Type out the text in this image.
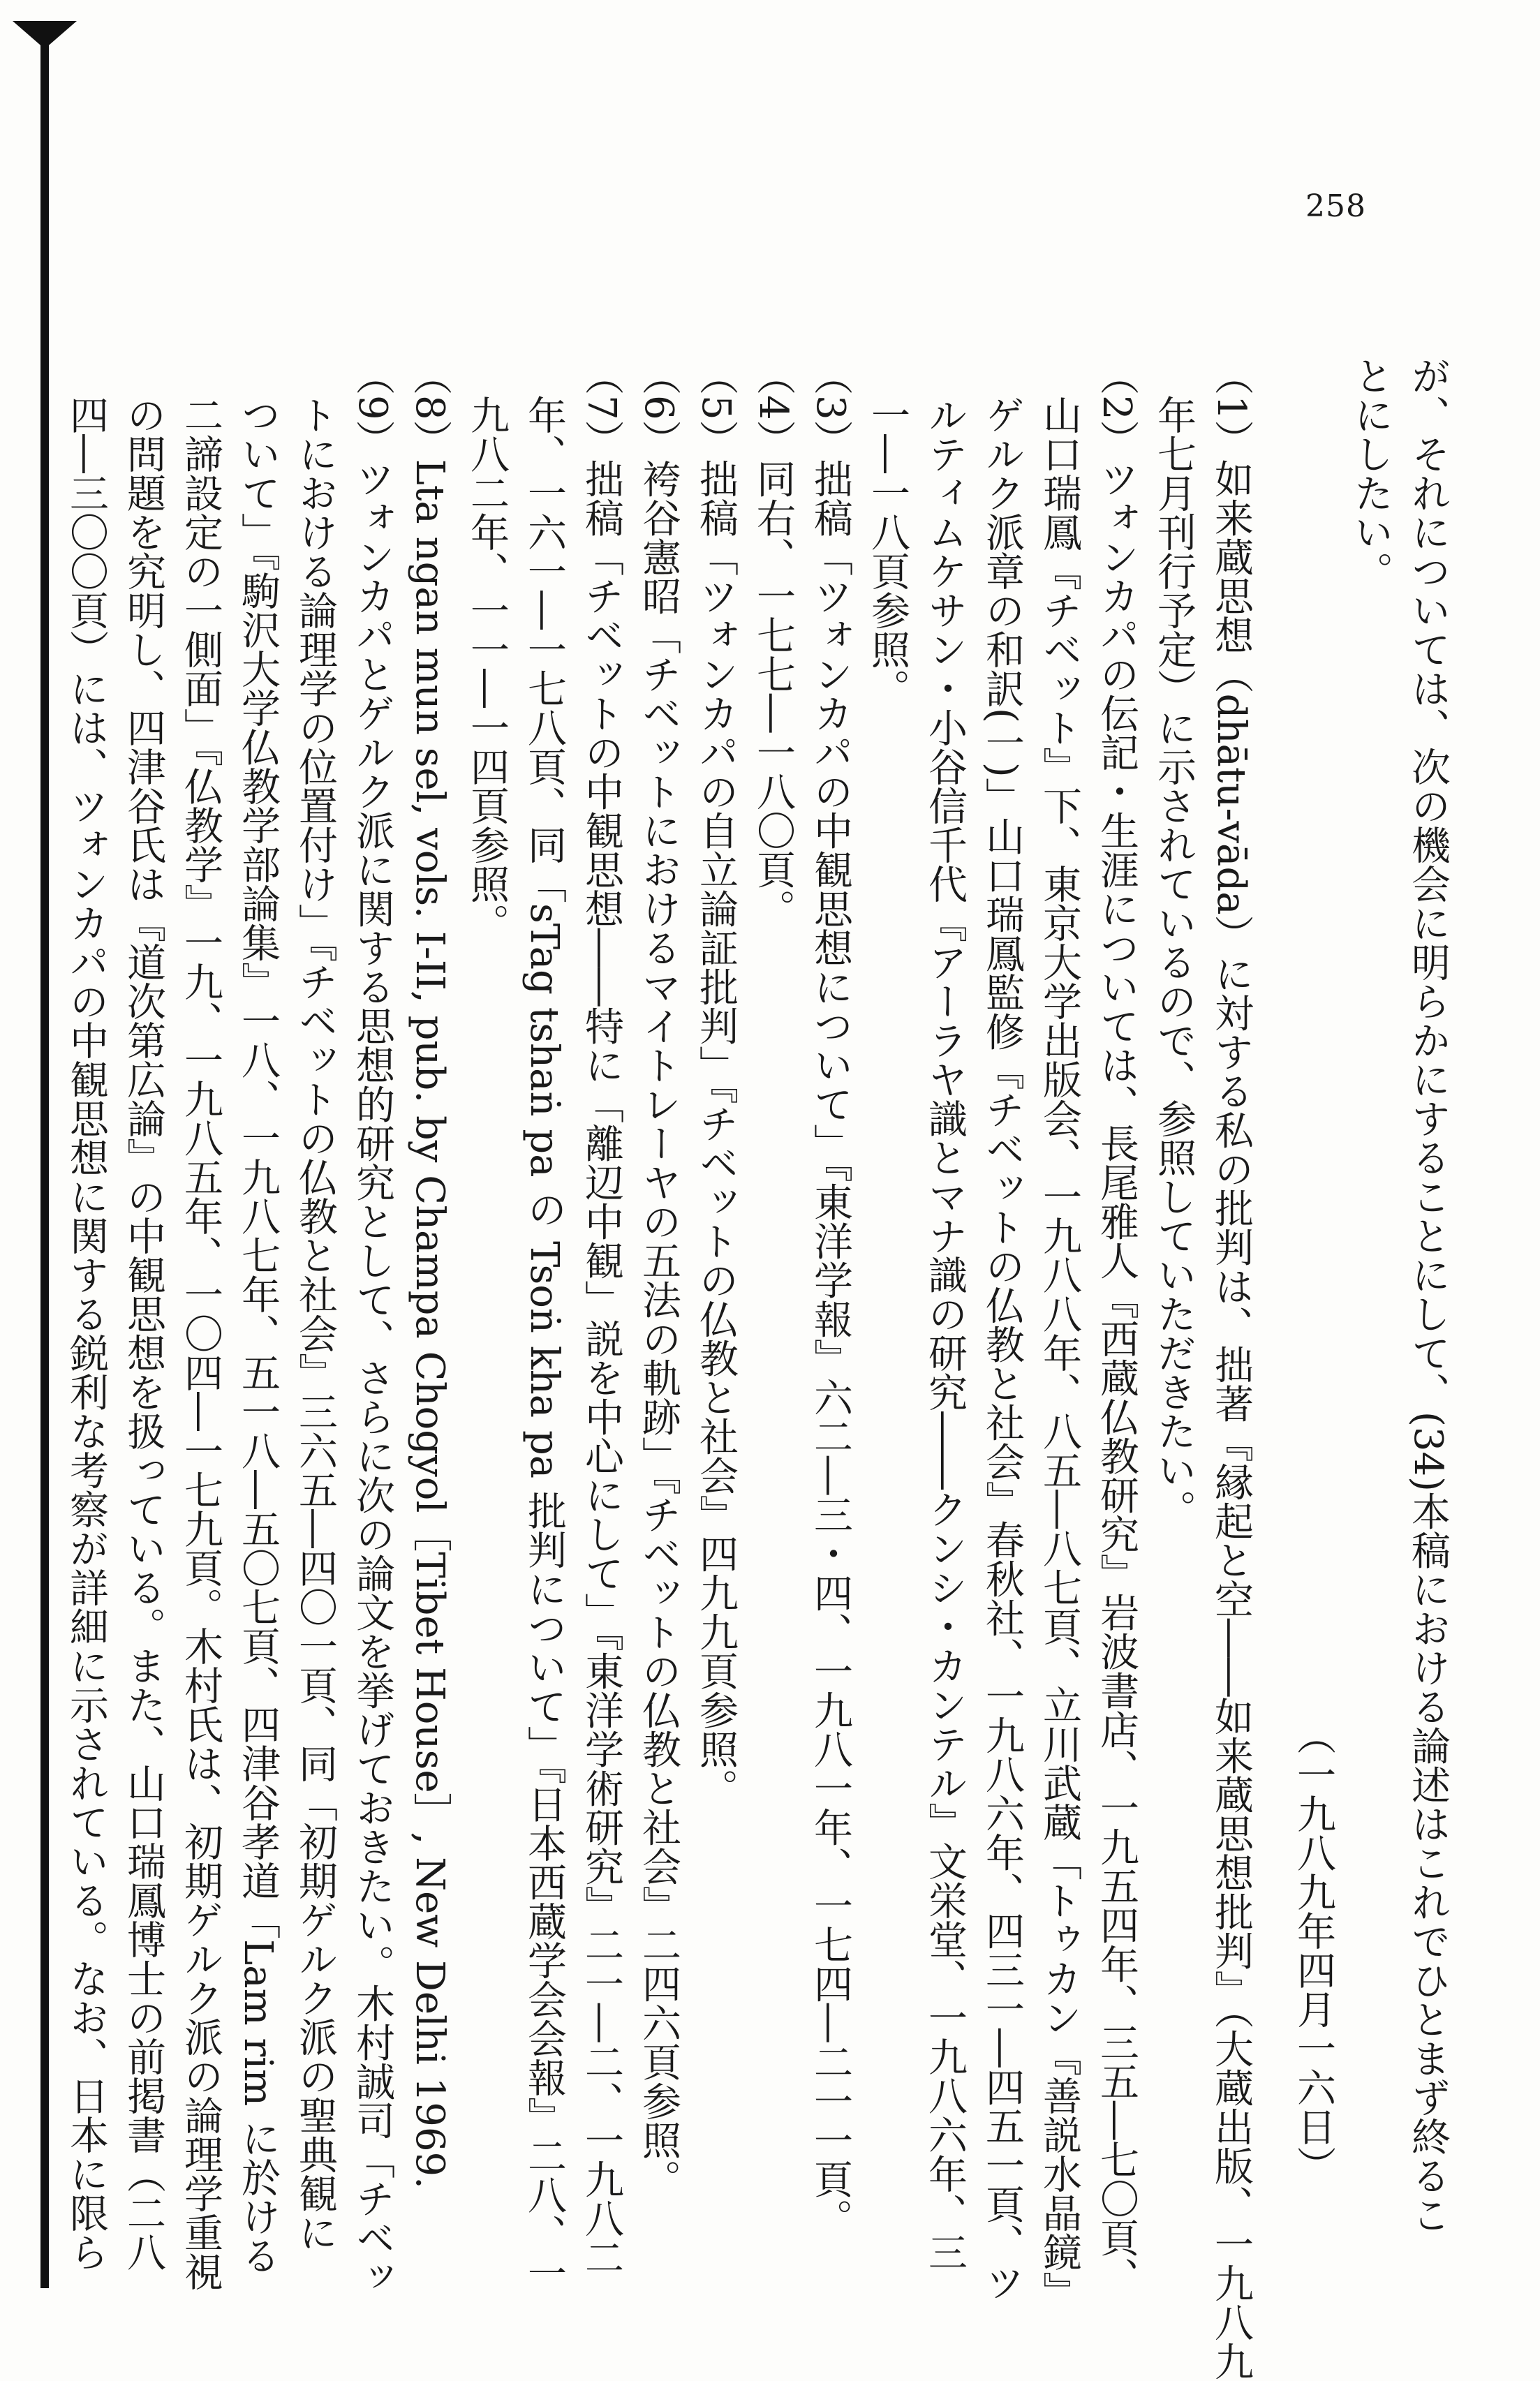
258
が、それについては、次の機会に明らかにすることにして、(34)本稿における論述はこれでひとまず終るこ
とにしたい。
（一九八九年四月一六日）
（1）如来蔵思想（dhātu-vāda）に対する私の批判は、拙著『縁起と空――如来蔵思想批判』（大蔵出版、一九八九
年七月刊行予定）に示されているので、参照していただきたい。
（2）ツォンカパの伝記・生涯については、長尾雅人『西蔵仏教研究』岩波書店、一九五四年、三五―七〇頁、
山口瑞鳳『チベット』下、東京大学出版会、一九八八年、八五―八七頁、立川武蔵「トゥカン『善説水晶鏡』
ゲルク派章の和訳(一)」山口瑞鳳監修『チベットの仏教と社会』春秋社、一九八六年、四三一―四五一頁、ツ
ルティムケサン・小谷信千代『アーラヤ識とマナ識の研究――クンシ・カンテル』文栄堂、一九八六年、三
一―一八頁参照。
（3）拙稿「ツォンカパの中観思想について」『東洋学報』六二―三・四、一九八一年、一七四―二一一頁。
（4）同右、一七七―一八〇頁。
（5）拙稿「ツォンカパの自立論証批判」『チベットの仏教と社会』四九九頁参照。
（6）袴谷憲昭「チベットにおけるマイトレーヤの五法の軌跡」『チベットの仏教と社会』二四六頁参照。
（7）拙稿「チベットの中観思想――特に「離辺中観」説を中心にして」『東洋学術研究』二一―二、一九八二
年、一六一―一七八頁、同「sTag tshaṅ pa の Tsoṅ kha pa 批判について」『日本西蔵学会会報』二八、一
九八二年、一一―一四頁参照。
（8）Lta ngan mun sel, vols. I-II, pub. by Champa Chogyol［Tibet House］, New Delhi 1969.
（9）ツォンカパとゲルク派に関する思想的研究として、さらに次の論文を挙げておきたい。木村誠司「チベッ
トにおける論理学の位置付け」『チベットの仏教と社会』三六五―四〇一頁、同「初期ゲルク派の聖典観に
ついて」『駒沢大学仏教学部論集』一八、一九八七年、五一八―五〇七頁、四津谷孝道「Lam rim に於ける
二諦設定の一側面」『仏教学』一九、一九八五年、一〇四―一七九頁。木村氏は、初期ゲルク派の論理学重視
の問題を究明し、四津谷氏は『道次第広論』の中観思想を扱っている。また、山口瑞鳳博士の前掲書（二八
四―三〇〇頁）には、ツォンカパの中観思想に関する鋭利な考察が詳細に示されている。なお、日本に限ら
